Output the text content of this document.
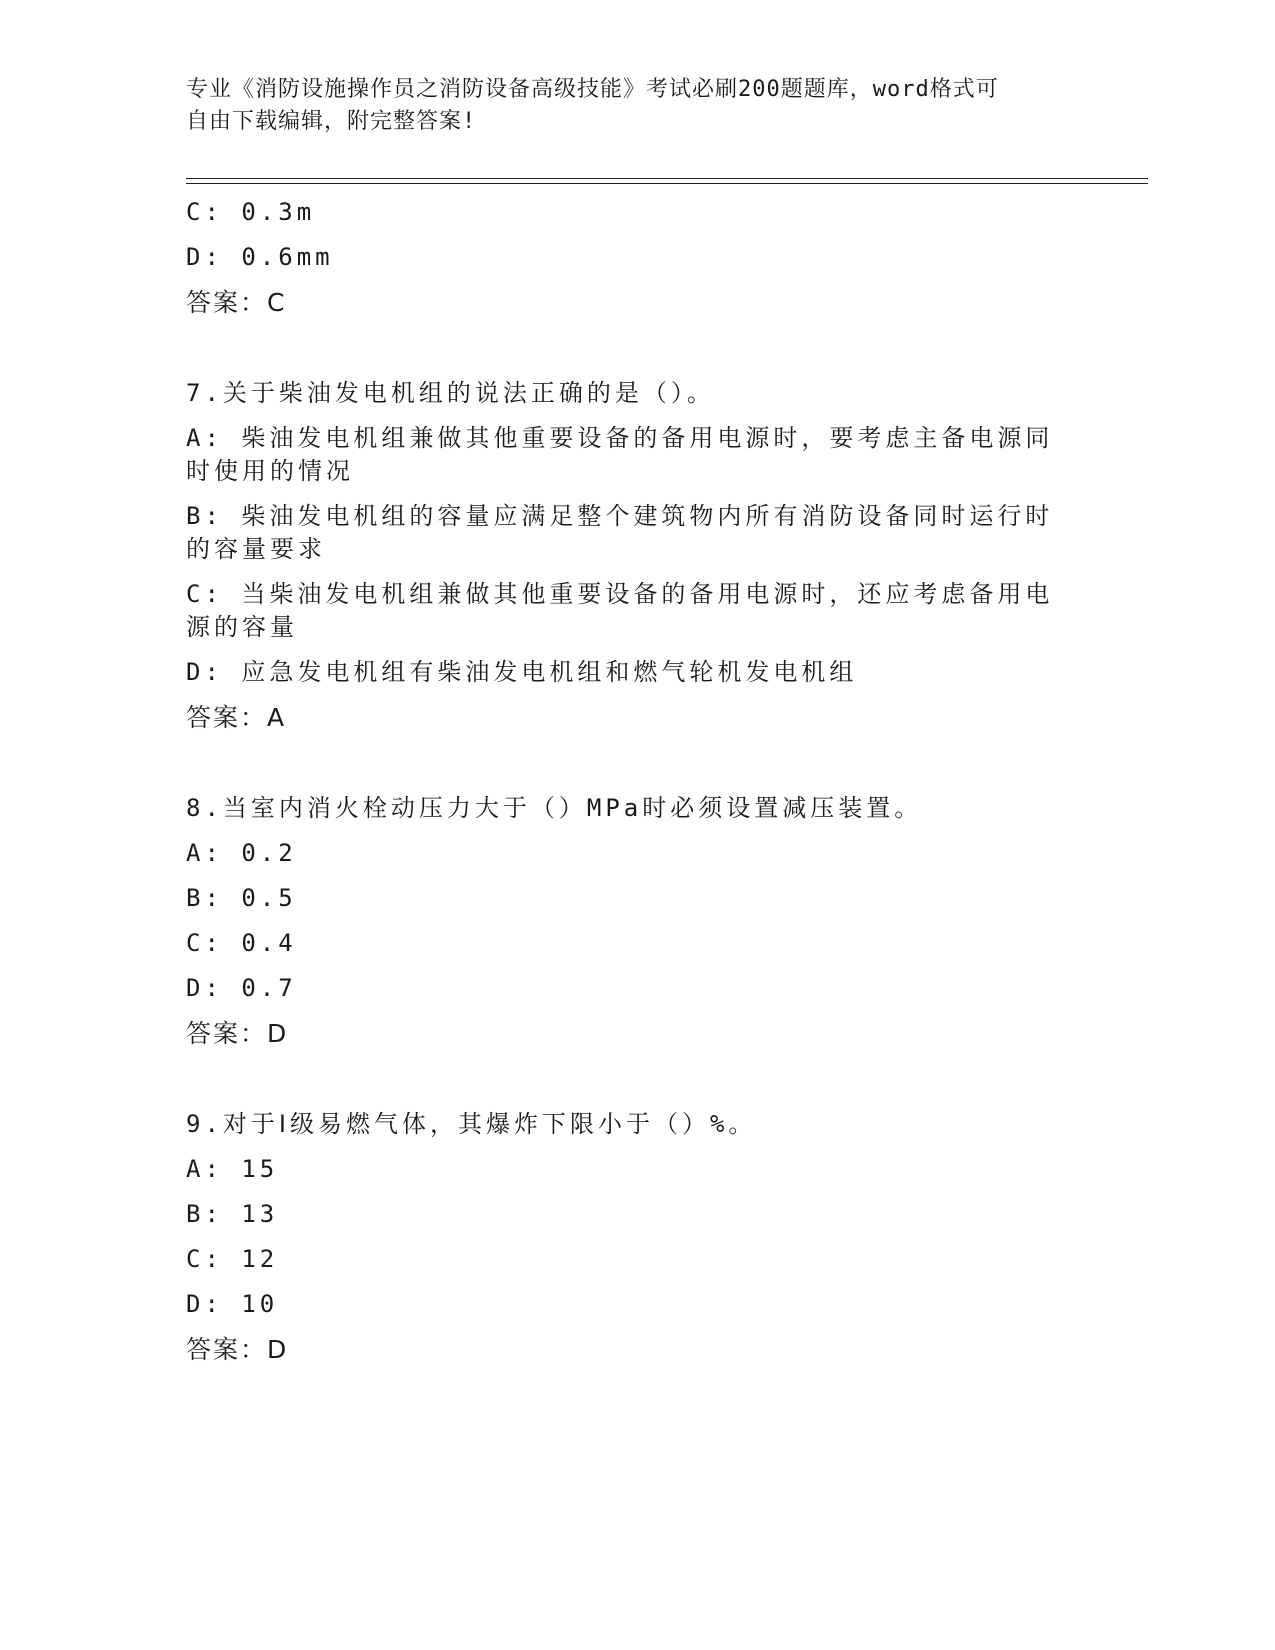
专业《消防设施操作员之消防设备高级技能》考试必刷200题题库，word格式可
自由下载编辑，附完整答案!
C: 0.3m
D: 0.6mm
答案：C
7.关于柴油发电机组的说法正确的是（）。
A: 柴油发电机组兼做其他重要设备的备用电源时，要考虑主备电源同
时使用的情况
B: 柴油发电机组的容量应满足整个建筑物内所有消防设备同时运行时
的容量要求
C: 当柴油发电机组兼做其他重要设备的备用电源时，还应考虑备用电
源的容量
D: 应急发电机组有柴油发电机组和燃气轮机发电机组
答案：A
8.当室内消火栓动压力大于（）MPa时必须设置减压装置。
A: 0.2
B: 0.5
C: 0.4
D: 0.7
答案：D
9.对于Ⅰ级易燃气体，其爆炸下限小于（）%。
A: 15
B: 13
C: 12
D: 10
答案：D
